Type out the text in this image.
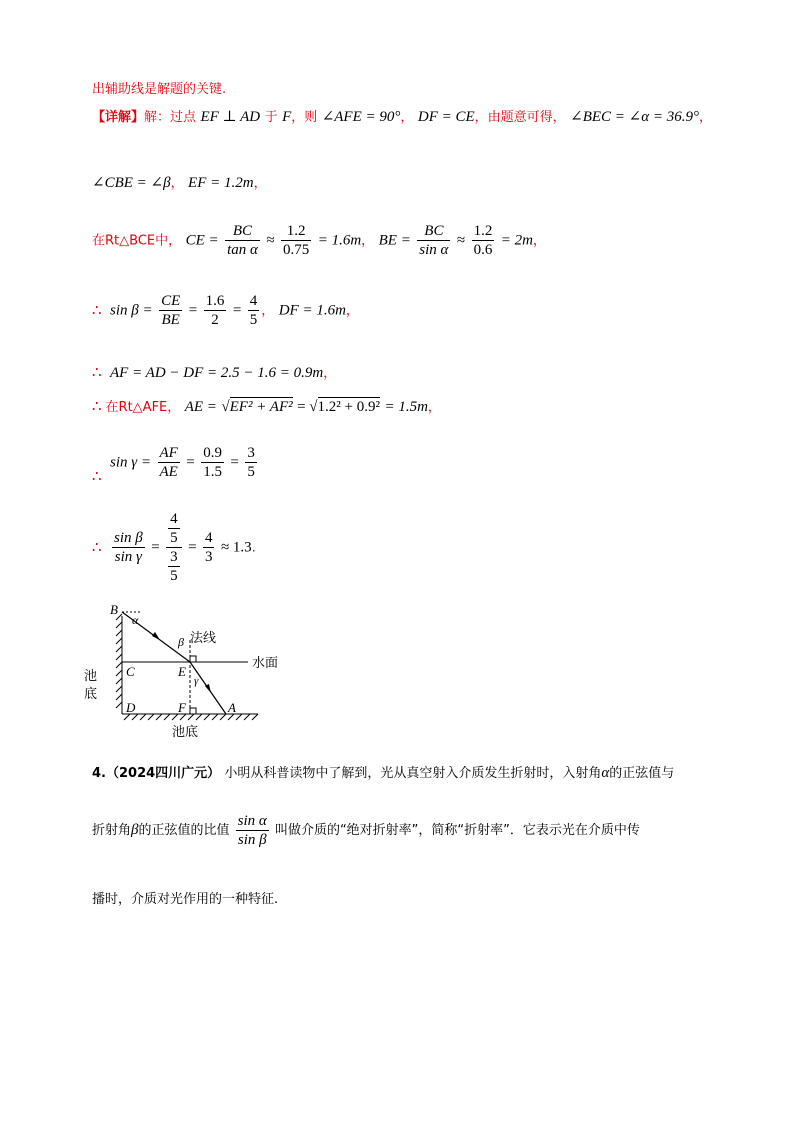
出辅助线是解题的关键.
【详解】解：过点 EF ⊥ AD 于 F，则 ∠AFE = 90°， DF = CE，由题意可得， ∠BEC = ∠α = 36.9°，
∠CBE = ∠β， EF = 1.2m，
在Rt△BCE中， CE = $\frac{BC}{\text{tan α}} \approx \frac{1.2}{0.75} = 1.6m$， BE = $\frac{BC}{\text{sin α}} \approx \frac{1.2}{0.6} = 2m$，
∴ $\sin \beta = \frac{CE}{BE} = \frac{1.6}{2} = \frac{4}{5}$ ， DF = 1.6m，
∴ AF = AD − DF = 2.5 − 1.6 = 0.9m，
∴ 在Rt△AFE， AE = √EF² + AF² = √1.2² + 0.9² = 1.5m，
∴ $\sin \gamma = \frac{AF}{AE} = \frac{0.9}{1.5} = \frac{3}{5}$
∴ $\frac{\text{sin β}}{\text{sin γ}} = \frac{\frac{4}{5}}{\frac{3}{5}} = \frac{4}{3} \approx 1.3$.
B
α
β 法线
水面
池
底
C	E
γ
D	F	A
池底
4.（2024四川广元） 小明从科普读物中了解到，光从真空射入介质发生折射时，入射角α的正弦值与
折射角β的正弦值的比值 $\frac{\text{sin α}}{\text{sin β}}$ 叫做介质的“绝对折射率”，简称“折射率”．它表示光在介质中传
播时，介质对光作用的一种特征.
